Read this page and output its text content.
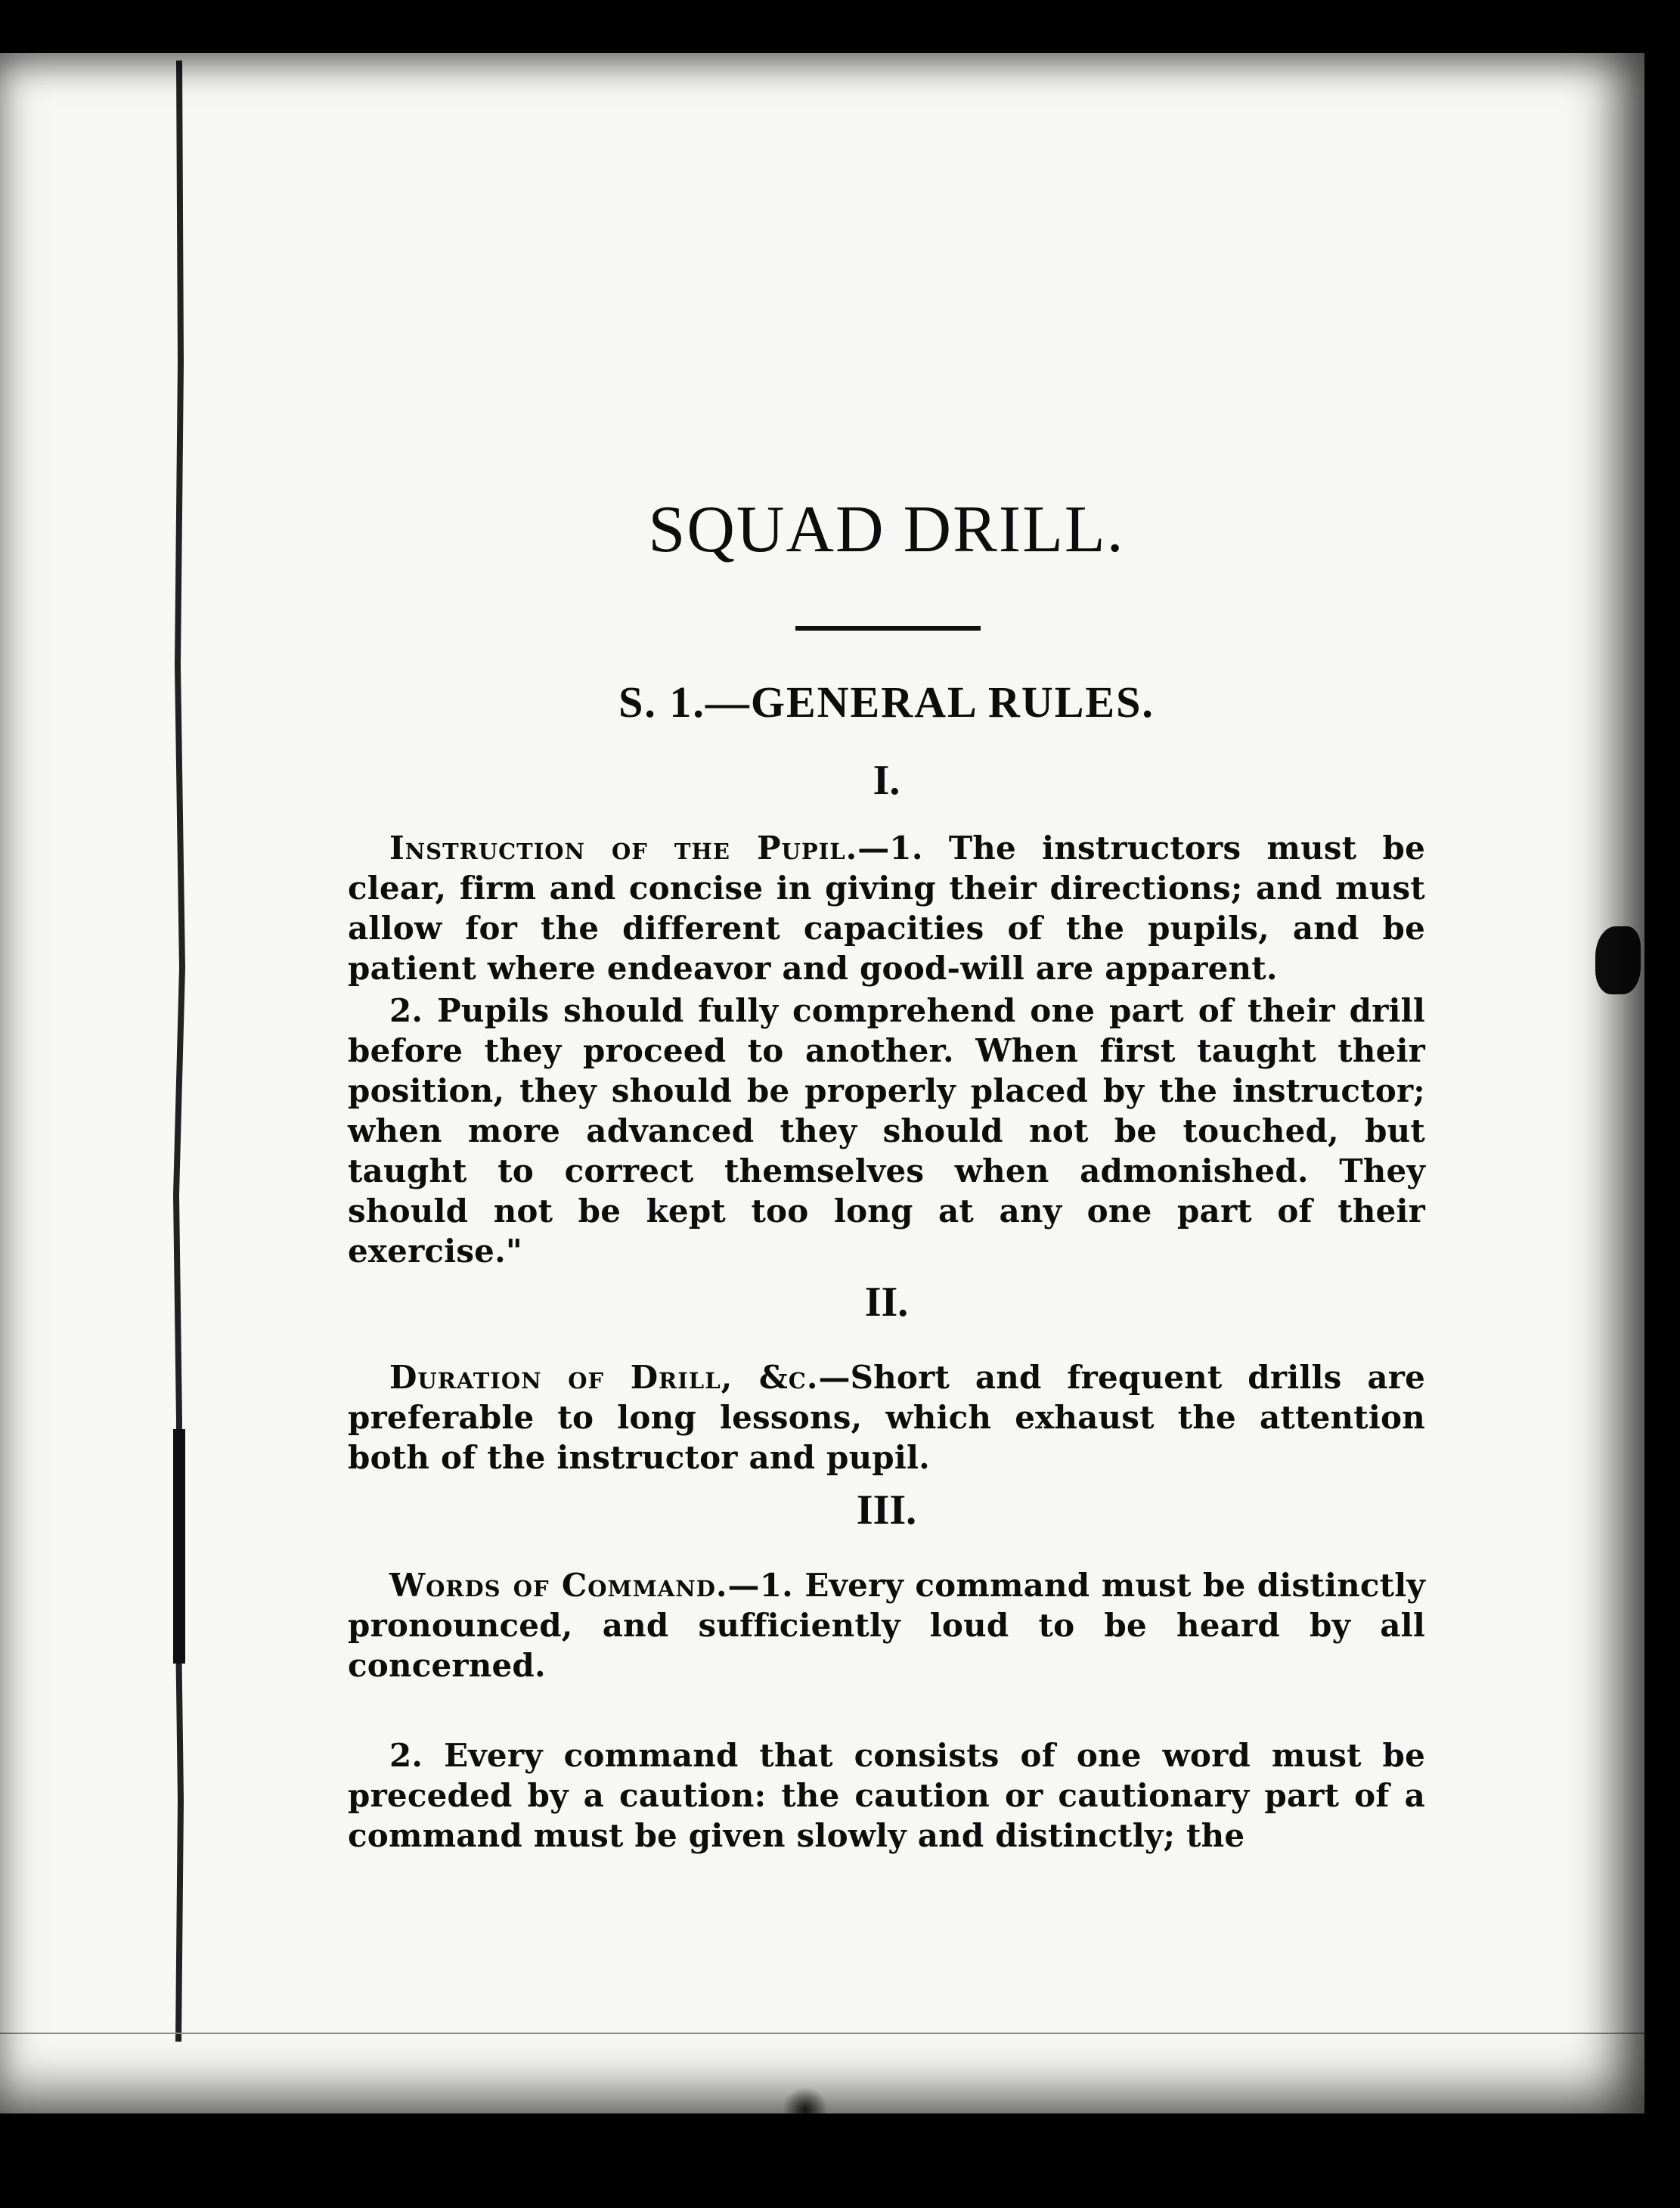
SQUAD DRILL.
S. 1.—GENERAL RULES.
I.

Instruction of the Pupil.—1. The instructors must be clear, firm and concise in giving their directions; and must allow for the different capacities of the pupils, and be patient where endeavor and good-will are apparent.

2. Pupils should fully comprehend one part of their drill before they proceed to another. When first taught their position, they should be properly placed by the instructor; when more advanced they should not be touched, but taught to correct themselves when admonished. They should not be kept too long at any one part of their exercise."

II.

Duration of Drill, &c.—Short and frequent drills are preferable to long lessons, which exhaust the attention both of the instructor and pupil.

III.

Words of Command.—1. Every command must be distinctly pronounced, and sufficiently loud to be heard by all concerned.

2. Every command that consists of one word must be preceded by a caution: the caution or cautionary part of a command must be given slowly and distinctly; the
